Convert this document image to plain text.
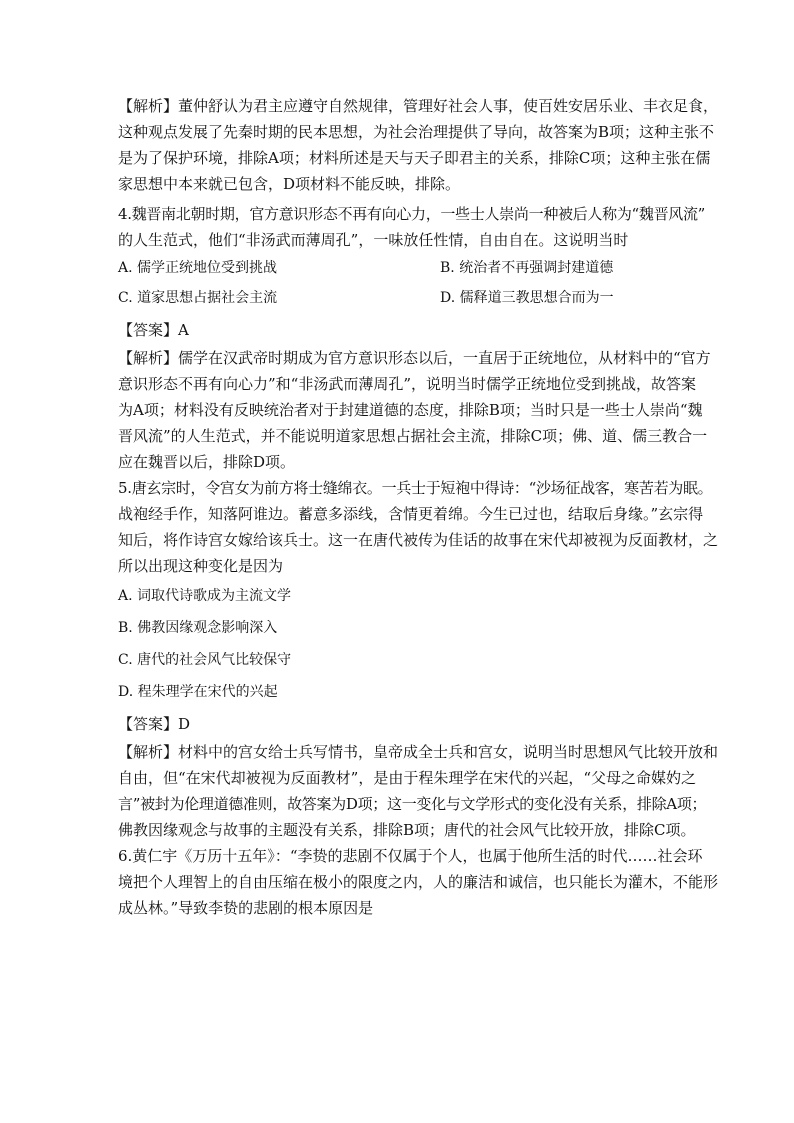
【解析】董仲舒认为君主应遵守自然规律，管理好社会人事，使百姓安居乐业、丰衣足食，

这种观点发展了先秦时期的民本思想，为社会治理提供了导向，故答案为B项；这种主张不

是为了保护环境，排除A项；材料所述是天与天子即君主的关系，排除C项；这种主张在儒

家思想中本来就已包含，D项材料不能反映，排除。

4.魏晋南北朝时期，官方意识形态不再有向心力，一些士人崇尚一种被后人称为“魏晋风流”

的人生范式，他们“非汤武而薄周孔”，一味放任性情，自由自在。这说明当时

A. 儒学正统地位受到挑战	B. 统治者不再强调封建道德
C. 道家思想占据社会主流	D. 儒释道三教思想合而为一

【答案】A

【解析】儒学在汉武帝时期成为官方意识形态以后，一直居于正统地位，从材料中的“官方

意识形态不再有向心力”和“非汤武而薄周孔”，说明当时儒学正统地位受到挑战，故答案

为A项；材料没有反映统治者对于封建道德的态度，排除B项；当时只是一些士人崇尚“魏

晋风流”的人生范式，并不能说明道家思想占据社会主流，排除C项；佛、道、儒三教合一

应在魏晋以后，排除D项。

5.唐玄宗时，令宫女为前方将士缝绵衣。一兵士于短袍中得诗：“沙场征战客，寒苦若为眠。

战袍经手作，知落阿谁边。蓄意多添线，含情更着绵。今生已过也，结取后身缘。”玄宗得

知后，将作诗宫女嫁给该兵士。这一在唐代被传为佳话的故事在宋代却被视为反面教材，之

所以出现这种变化是因为

A. 词取代诗歌成为主流文学
B. 佛教因缘观念影响深入
C. 唐代的社会风气比较保守
D. 程朱理学在宋代的兴起

【答案】D

【解析】材料中的宫女给士兵写情书，皇帝成全士兵和宫女，说明当时思想风气比较开放和

自由，但“在宋代却被视为反面教材”，是由于程朱理学在宋代的兴起，“父母之命媒妁之

言”被封为伦理道德准则，故答案为D项；这一变化与文学形式的变化没有关系，排除A项；

佛教因缘观念与故事的主题没有关系，排除B项；唐代的社会风气比较开放，排除C项。

6.黄仁宇《万历十五年》：“李贽的悲剧不仅属于个人，也属于他所生活的时代……社会环

境把个人理智上的自由压缩在极小的限度之内，人的廉洁和诚信，也只能长为灌木，不能形

成丛林。”导致李贽的悲剧的根本原因是
